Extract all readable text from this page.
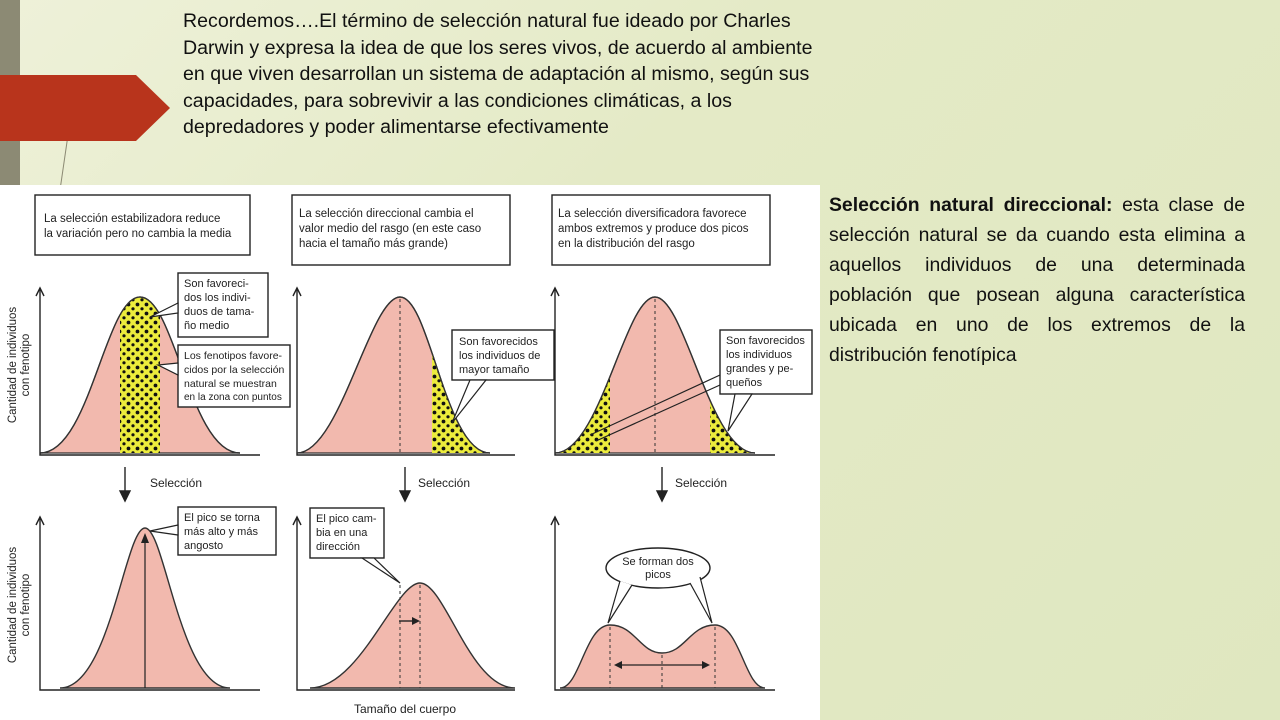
Recordemos….El término de selección natural fue ideado por Charles Darwin y expresa la idea de que los seres vivos, de acuerdo al ambiente en que viven desarrollan un sistema de adaptación al mismo, según sus capacidades, para sobrevivir a las condiciones climáticas, a los depredadores y poder alimentarse efectivamente
La selección estabilizadora reduce
la variación pero no cambia la media
La selección direccional cambia el
valor medio del rasgo (en este caso
hacia el tamaño más grande)
La selección diversificadora favorece
ambos extremos y produce dos picos
en la distribución del rasgo
Cantidad de individuos con fenotipo
Cantidad de individuos con fenotipo
Son favoreci-
dos los indivi-
duos de tama-
ño medio
Los fenotipos favore-
cidos por la selección
natural se muestran
en la zona con puntos
Son favorecidos
los individuos de
mayor tamaño
Son favorecidos
los individuos
grandes y pe-
queños
Selección	Selección	Selección
El pico se torna
más alto y más
angosto
El pico cam-
bia en una
dirección
Se forman dos
picos
Tamaño del cuerpo
Selección natural direccional: esta clase de selección natural se da cuando esta elimina a aquellos individuos de una determinada población que posean alguna característica ubicada en uno de los extremos de la distribución fenotípica
